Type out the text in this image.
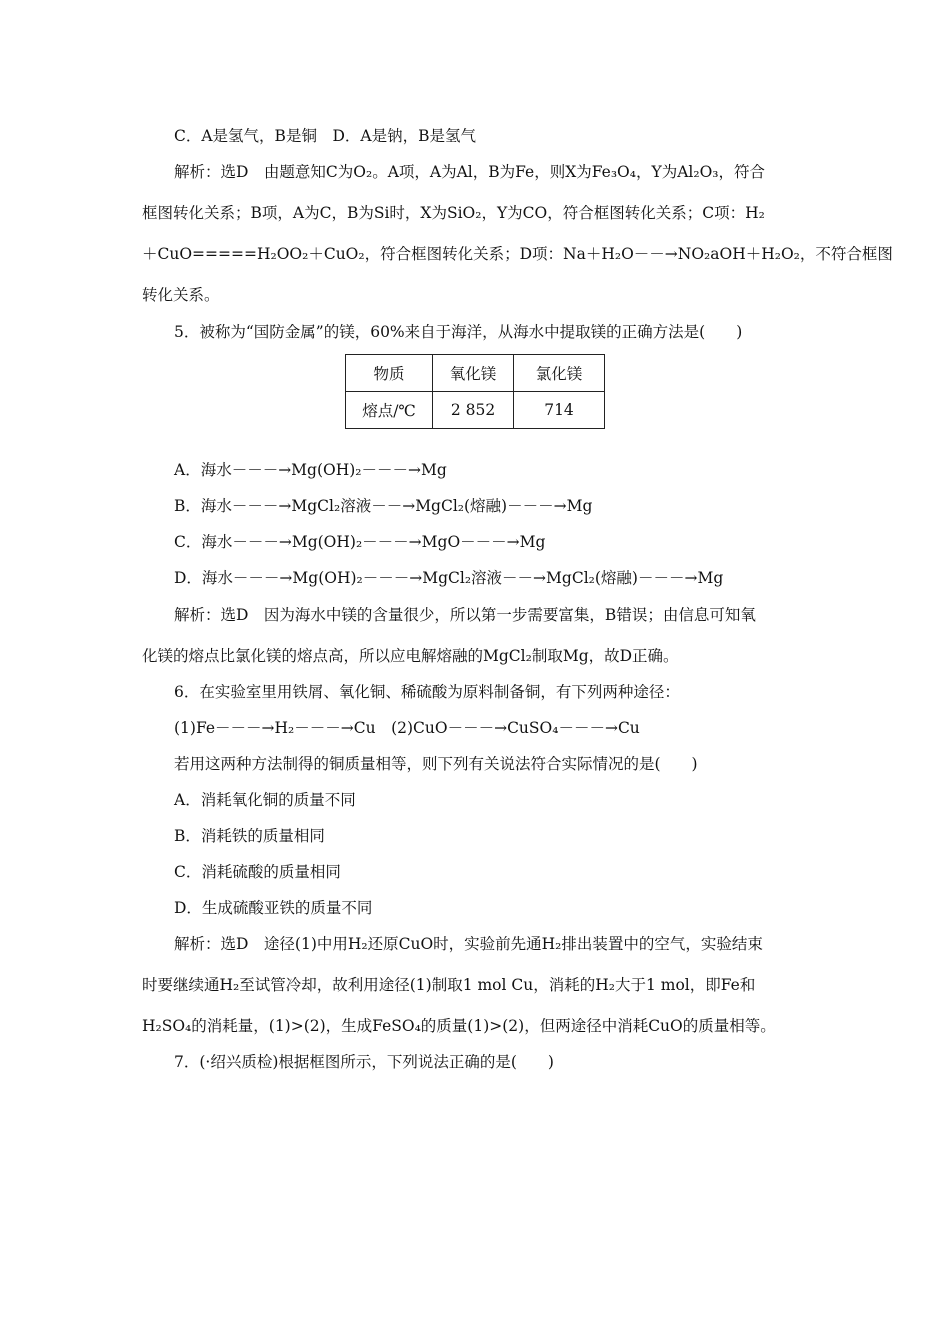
C．A是氢气，B是铜　D．A是钠，B是氢气
解析：选D　由题意知C为O₂。A项，A为Al，B为Fe，则X为Fe₃O₄，Y为Al₂O₃，符合
框图转化关系；B项，A为C，B为Si时，X为SiO₂，Y为CO，符合框图转化关系；C项：H₂
＋CuO=====H₂OO₂＋CuO₂，符合框图转化关系；D项：Na＋H₂O－－→NO₂aOH＋H₂O₂，不符合框图
转化关系。
5．被称为“国防金属”的镁，60%来自于海洋，从海水中提取镁的正确方法是(　　)
物质	氧化镁	氯化镁
熔点/℃	2 852	714
A．海水－－－→Mg(OH)₂－－－→Mg
B．海水－－－→MgCl₂溶液－－→MgCl₂(熔融)－－－→Mg
C．海水－－－→Mg(OH)₂－－－→MgO－－－→Mg
D．海水－－－→Mg(OH)₂－－－→MgCl₂溶液－－→MgCl₂(熔融)－－－→Mg
解析：选D　因为海水中镁的含量很少，所以第一步需要富集，B错误；由信息可知氧
化镁的熔点比氯化镁的熔点高，所以应电解熔融的MgCl₂制取Mg，故D正确。
6．在实验室里用铁屑、氧化铜、稀硫酸为原料制备铜，有下列两种途径：
(1)Fe－－－→H₂－－－→Cu　(2)CuO－－－→CuSO₄－－－→Cu
若用这两种方法制得的铜质量相等，则下列有关说法符合实际情况的是(　　)
A．消耗氧化铜的质量不同
B．消耗铁的质量相同
C．消耗硫酸的质量相同
D．生成硫酸亚铁的质量不同
解析：选D　途径(1)中用H₂还原CuO时，实验前先通H₂排出装置中的空气，实验结束
时要继续通H₂至试管冷却，故利用途径(1)制取1 mol Cu，消耗的H₂大于1 mol，即Fe和
H₂SO₄的消耗量，(1)>(2)，生成FeSO₄的质量(1)>(2)，但两途径中消耗CuO的质量相等。
7．(·绍兴质检)根据框图所示，下列说法正确的是(　　)
